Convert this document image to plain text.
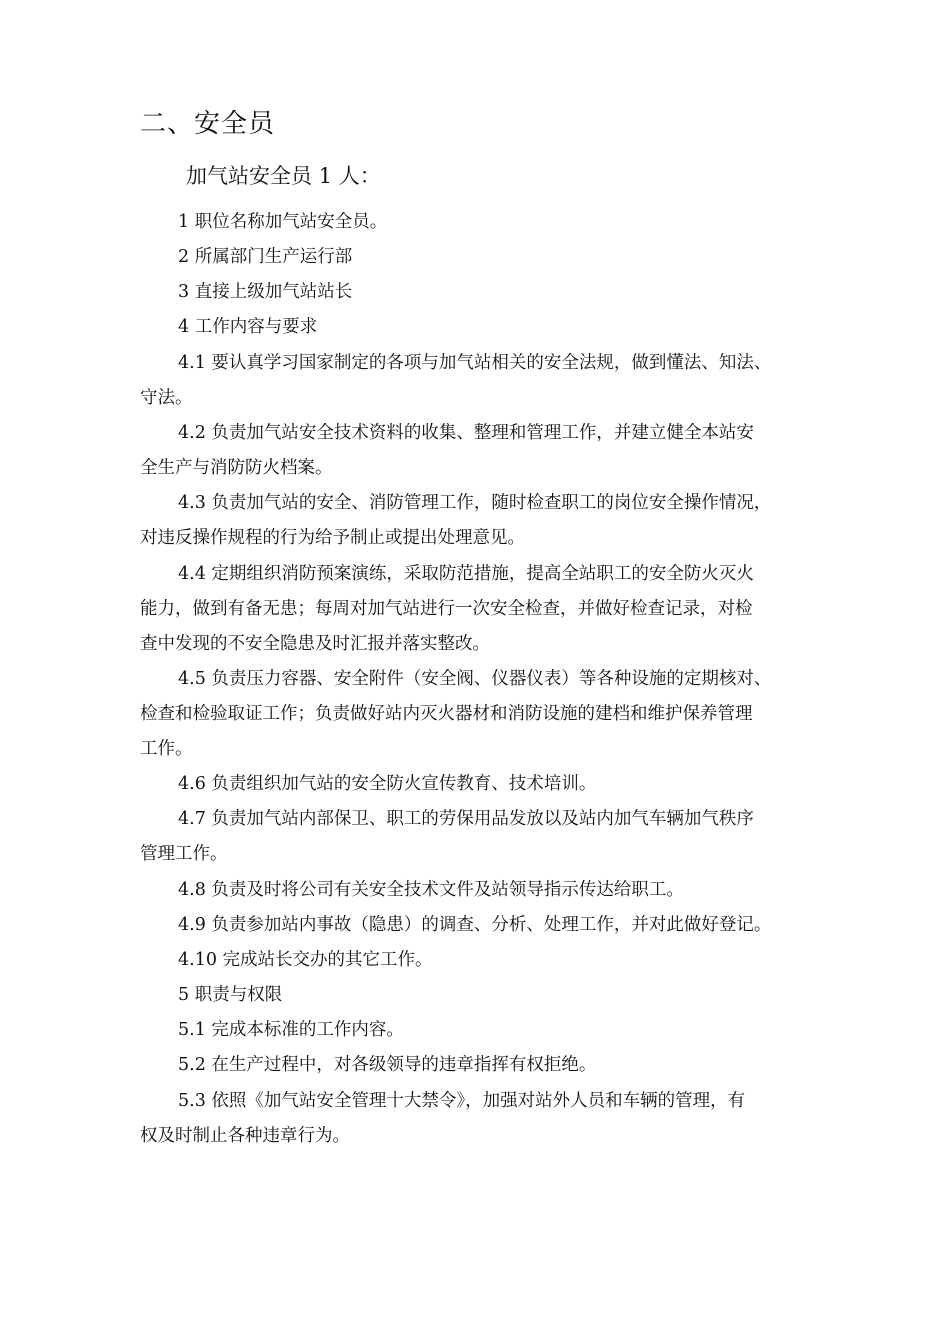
二、安全员
加气站安全员 1 人：
1 职位名称加气站安全员。
2 所属部门生产运行部
3 直接上级加气站站长
4 工作内容与要求
4.1 要认真学习国家制定的各项与加气站相关的安全法规，做到懂法、知法、
守法。
4.2 负责加气站安全技术资料的收集、整理和管理工作，并建立健全本站安
全生产与消防防火档案。
4.3 负责加气站的安全、消防管理工作，随时检查职工的岗位安全操作情况，
对违反操作规程的行为给予制止或提出处理意见。
4.4 定期组织消防预案演练，采取防范措施，提高全站职工的安全防火灭火
能力，做到有备无患；每周对加气站进行一次安全检查，并做好检查记录，对检
查中发现的不安全隐患及时汇报并落实整改。
4.5 负责压力容器、安全附件（安全阀、仪器仪表）等各种设施的定期核对、
检查和检验取证工作；负责做好站内灭火器材和消防设施的建档和维护保养管理
工作。
4.6 负责组织加气站的安全防火宣传教育、技术培训。
4.7 负责加气站内部保卫、职工的劳保用品发放以及站内加气车辆加气秩序
管理工作。
4.8 负责及时将公司有关安全技术文件及站领导指示传达给职工。
4.9 负责参加站内事故（隐患）的调查、分析、处理工作，并对此做好登记。
4.10 完成站长交办的其它工作。
5 职责与权限
5.1 完成本标准的工作内容。
5.2 在生产过程中，对各级领导的违章指挥有权拒绝。
5.3 依照《加气站安全管理十大禁令》，加强对站外人员和车辆的管理，有
权及时制止各种违章行为。
